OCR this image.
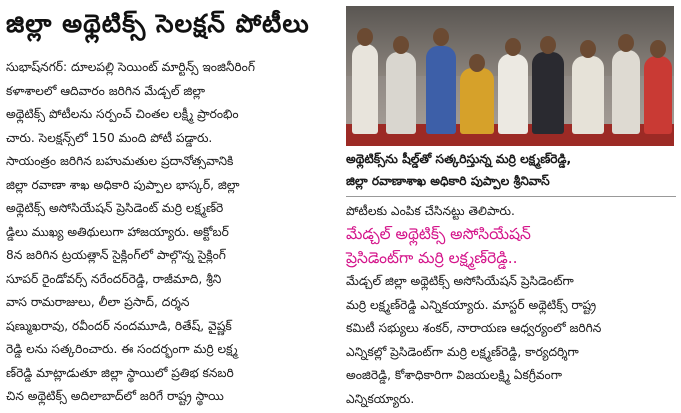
జిల్లా అథ్లెటిక్స్ సెలక్షన్ పోటీలు
సుభాష్‌నగర్: దూలపల్లి సెయింట్ మార్టిన్స్ ఇంజినీరింగ్
కళాశాలలో ఆదివారం జరిగిన మేడ్చల్ జిల్లా
అథ్లెటిక్స్ పోటీలను సర్పంచ్ చింతల లక్ష్మీ ప్రారంభిం
చారు. సెలక్షన్స్‌లో 150 మంది పోటీ పడ్డారు.
సాయంత్రం జరిగిన బహుమతుల ప్రదానోత్సవానికి
జిల్లా రవాణా శాఖ అధికారి పుప్పాల భాస్కర్, జిల్లా
అథ్లెటిక్స్ అసోసియేషన్ ప్రెసిడెంట్ మర్రి లక్ష్మణ్‌రె
డ్డిలు ముఖ్య అతిథులుగా హాజయ్యారు. అక్టోబర్
8న జరిగిన ట్రయత్లాన్ సైక్లింగ్‌లో పాల్గొన్న సైక్లింగ్
సూపర్ రైండోవర్స్ నరేందర్‌రెడ్డి, రాజీమాది, శ్రీని
వాస రామరాజులు, లీలా ప్రసాద్, దర్శన
షణ్ముఖరావు, రవీందర్ నందమూడి, రితేష్, వైష్ణక్
రెడ్డి లను సత్కరించారు. ఈ సందర్భంగా మర్రి లక్ష్మ
ణ్‌రెడ్డి మాట్లాడుతూ జిల్లా స్థాయిలో ప్రతిభ కనబరి
చిన అథ్లెటిక్స్ అదిలాబాద్‌లో జరిగే రాష్ట్ర స్థాయి
అథ్లెటిక్స్‌ను షీల్డ్‌తో సత్కరిస్తున్న మర్రి లక్ష్మణ్‌రెడ్డి,
జిల్లా రవాణాశాఖ అధికారి పుప్పాల శ్రీనివాస్
పోటీలకు ఎంపిక చేసినట్టు తెలిపారు.
మేడ్చల్ అథ్లెటిక్స్ అసోసియేషన్
ప్రెసిడెంట్‌గా మర్రి లక్ష్మణ్‌రెడ్డి..
మేడ్చల్ జిల్లా అథ్లెటిక్స్ అసోసియేషన్ ప్రెసిడెంట్‌గా
మర్రి లక్ష్మణ్‌రెడ్డి ఎన్నికయ్యారు. మాస్టర్ అథ్లెటిక్స్ రాష్ట్ర
కమిటీ సభ్యులు శంకర్, నారాయణ ఆధ్వర్యంలో జరిగిన
ఎన్నికల్లో ప్రెసిడెంట్‌గా మర్రి లక్ష్మణ్‌రెడ్డి, కార్యదర్శిగా
అంజిరెడ్డి, కోశాధికారిగా విజయలక్ష్మి ఏకగ్రీవంగా
ఎన్నికయ్యారు.
